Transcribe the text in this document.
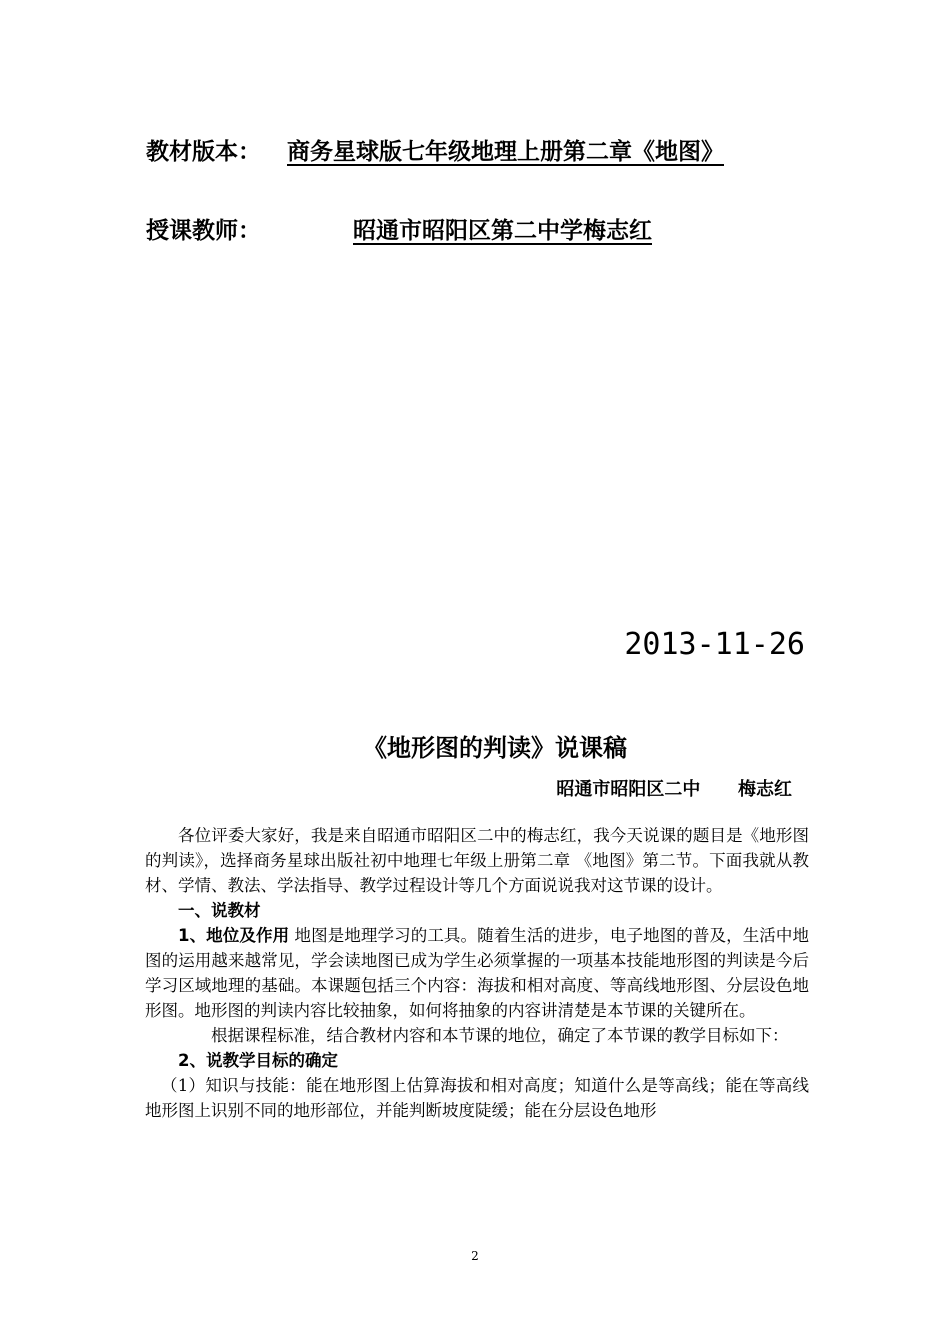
教材版本： 商务星球版七年级地理上册第二章《地图》
授课教师：	昭通市昭阳区第二中学梅志红
2013-11-26
《地形图的判读》说课稿
昭通市昭阳区二中      梅志红

各位评委大家好，我是来自昭通市昭阳区二中的梅志红，我今天说课的题目是《地形图的判读》，选择商务星球出版社初中地理七年级上册第二章 《地图》第二节。下面我就从教材、学情、教法、学法指导、教学过程设计等几个方面说说我对这节课的设计。

一、说教材

1、地位及作用 地图是地理学习的工具。随着生活的进步，电子地图的普及，生活中地图的运用越来越常见，学会读地图已成为学生必须掌握的一项基本技能地形图的判读是今后学习区域地理的基础。本课题包括三个内容：海拔和相对高度、等高线地形图、分层设色地形图。地形图的判读内容比较抽象，如何将抽象的内容讲清楚是本节课的关键所在。

根据课程标准，结合教材内容和本节课的地位，确定了本节课的教学目标如下：

2、说教学目标的确定

（1）知识与技能：能在地形图上估算海拔和相对高度；知道什么是等高线；能在等高线地形图上识别不同的地形部位，并能判断坡度陡缓；能在分层设色地形

2
